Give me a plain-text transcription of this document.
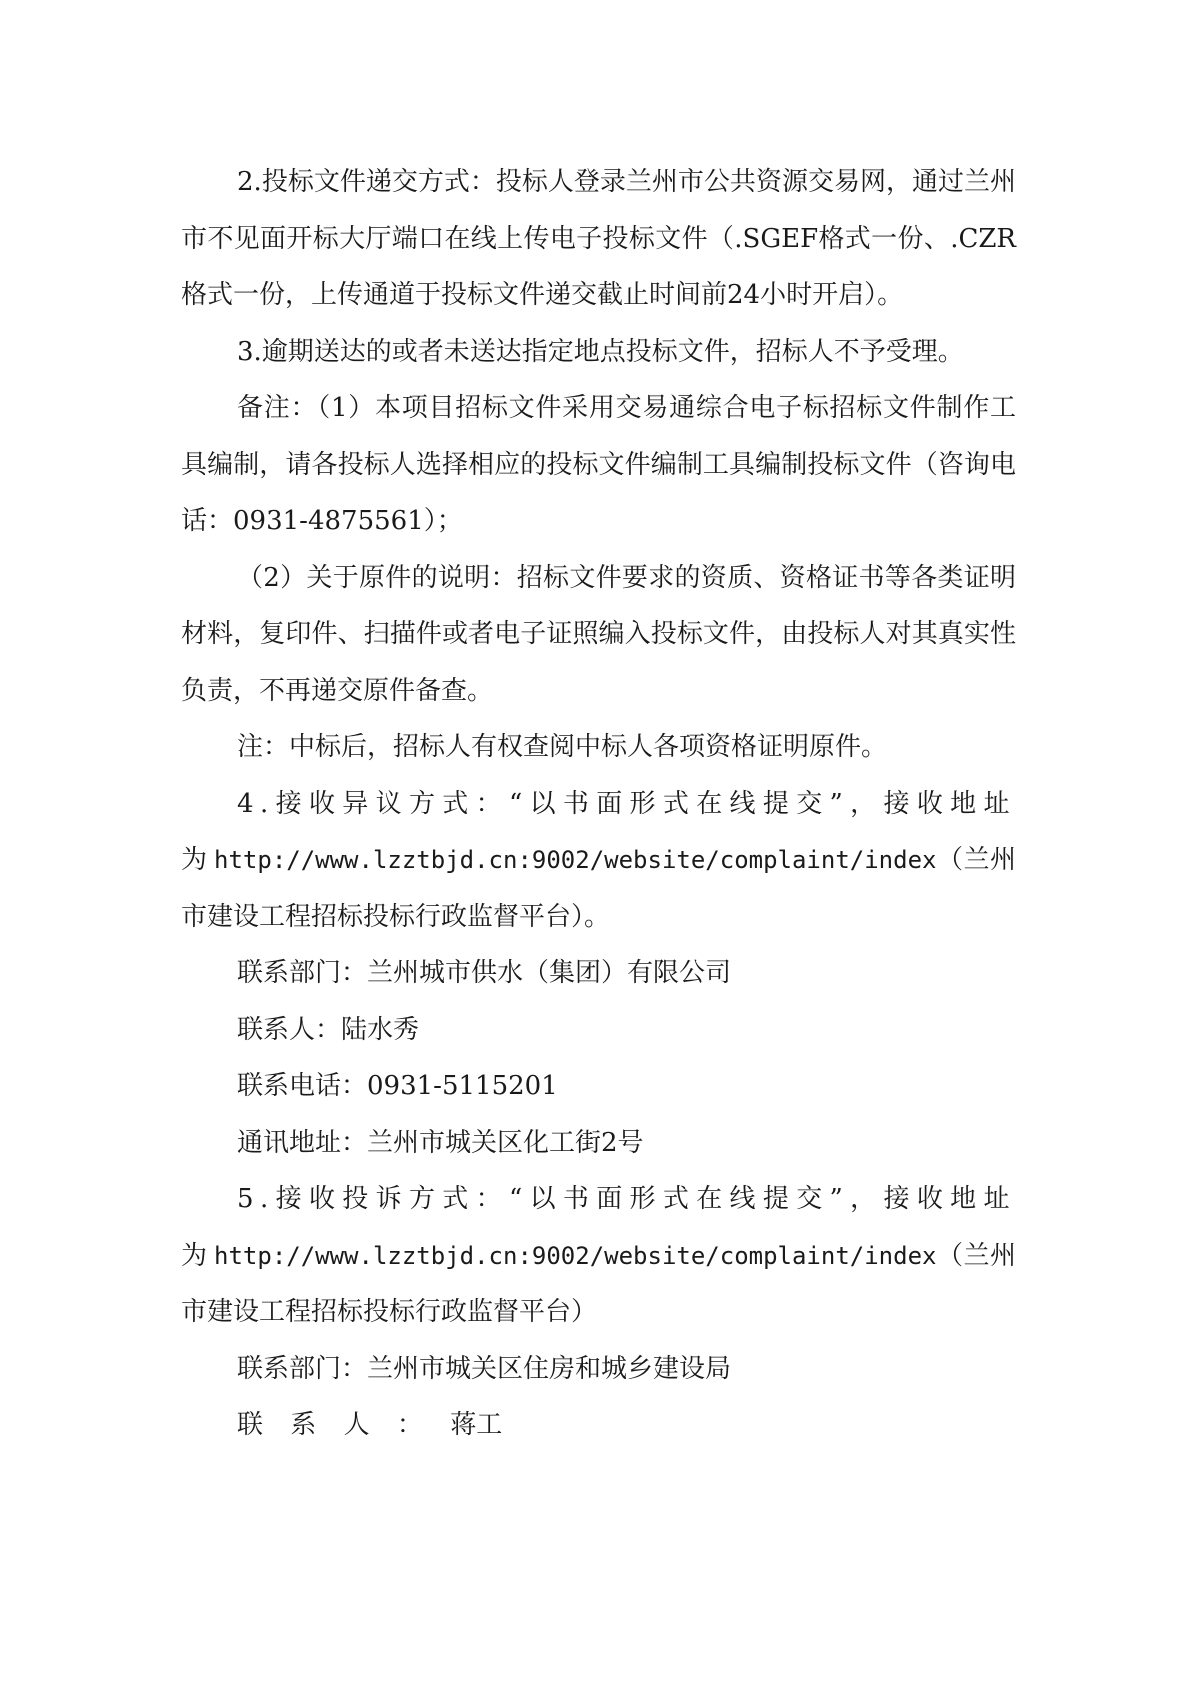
2.投标文件递交方式：投标人登录兰州市公共资源交易网，通过兰州市不见面开标大厅端口在线上传电子投标文件（.SGEF格式一份、.CZR格式一份，上传通道于投标文件递交截止时间前24小时开启）。

3.逾期送达的或者未送达指定地点投标文件，招标人不予受理。

备注：（1）本项目招标文件采用交易通综合电子标招标文件制作工具编制，请各投标人选择相应的投标文件编制工具编制投标文件（咨询电话：0931-4875561）；

（2）关于原件的说明：招标文件要求的资质、资格证书等各类证明材料，复印件、扫描件或者电子证照编入投标文件，由投标人对其真实性负责，不再递交原件备查。

注：中标后，招标人有权查阅中标人各项资格证明原件。

4.接收异议方式：“以书面形式在线提交”，接收地址为http://www.lzztbjd.cn:9002/website/complaint/index（兰州市建设工程招标投标行政监督平台）。

联系部门：兰州城市供水（集团）有限公司

联系人：陆水秀

联系电话：0931-5115201

通讯地址：兰州市城关区化工街2号

5.接收投诉方式：“以书面形式在线提交”，接收地址为http://www.lzztbjd.cn:9002/website/complaint/index（兰州市建设工程招标投标行政监督平台）

联系部门：兰州市城关区住房和城乡建设局

联系人：蒋工
